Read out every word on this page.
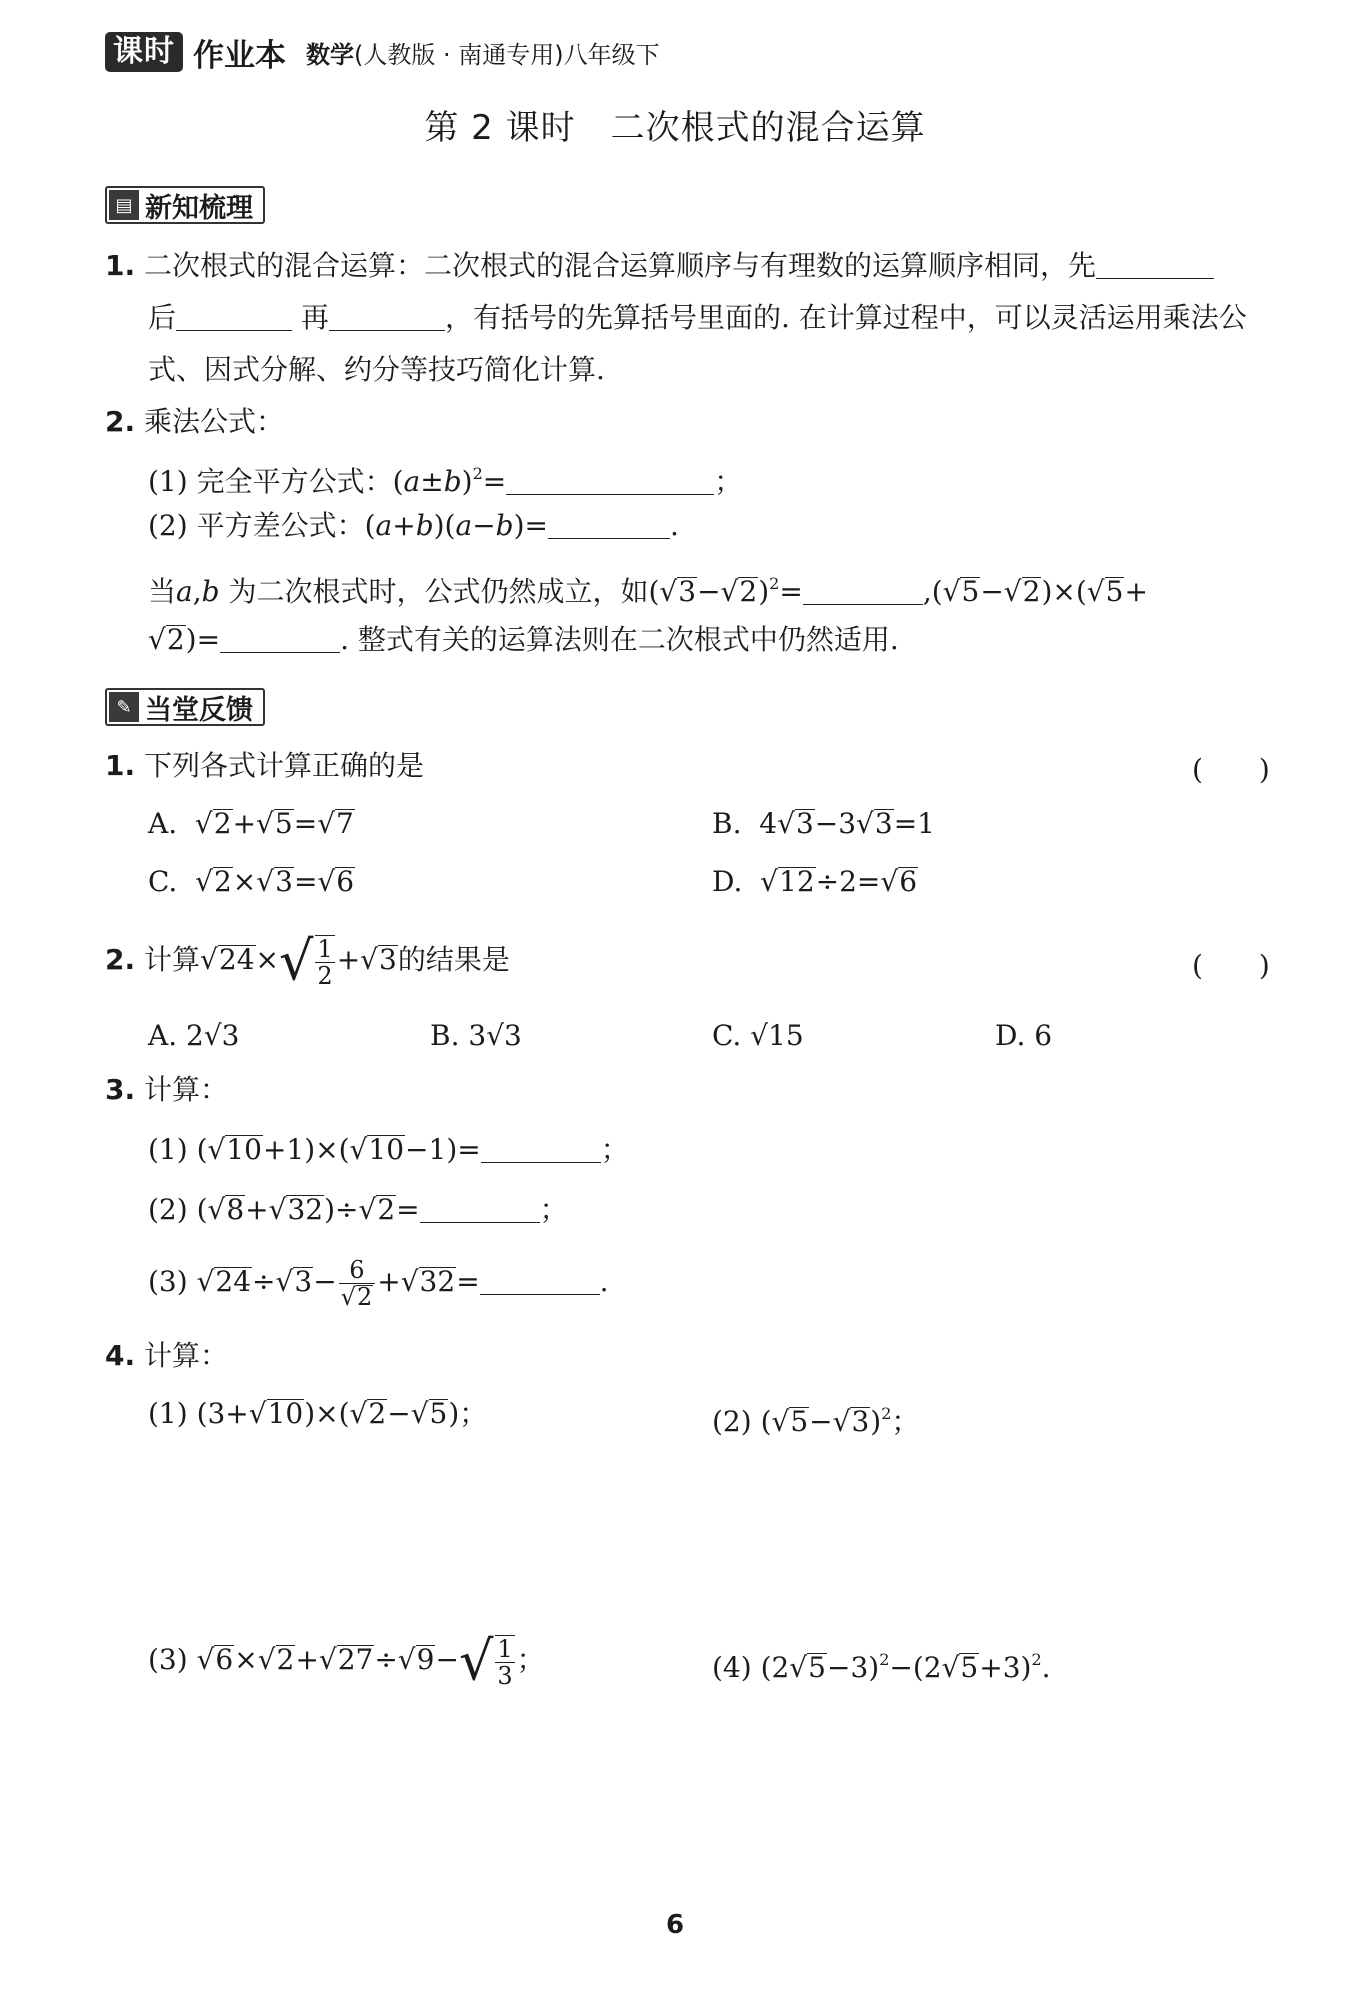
课时 作业本 数学(人教版 · 南通专用)八年级下
第 2 课时　二次根式的混合运算
▤ 新知梳理
1. 二次根式的混合运算：二次根式的混合运算顺序与有理数的运算顺序相同，先
后	再	，有括号的先算括号里面的. 在计算过程中，可以灵活运用乘法公
式、因式分解、约分等技巧简化计算.
2. 乘法公式：
(1) 完全平方公式：$(a\pm b)^2=$	；
(2) 平方差公式：(a+b)(a−b)=	.
当a,b 为二次根式时，公式仍然成立，如$(√3-√2)^2=$	,(√5−√2)×(√5+
√2)=	. 整式有关的运算法则在二次根式中仍然适用.
✎ 当堂反馈
1. 下列各式计算正确的是	(　　)
A.  √2+√5=√7	B.  4√3−3√3=1
C.  √2×√3=√6	D.  √12÷2=√6
2. 计算$√24\times√ \frac{1}{2} +√3$的结果是	(　　)
A. 2√3	B. 3√3	C. √15	D. 6
3. 计算：
(1) (√10+1)×(√10−1)=	；
(2) (√8+√32)÷√2=	；
(3) $√24\div√3- \frac{6}{√2} +√32=$	.
4. 计算：
(1) (3+√10)×(√2−√5)；	(2) $(√5-√3)^2$；
(3) $√6\times√2+√27\div√9-√ \frac{1}{3}$ ；	(4) $(2√5-3)^2-(2√5+3)^2$.
6
